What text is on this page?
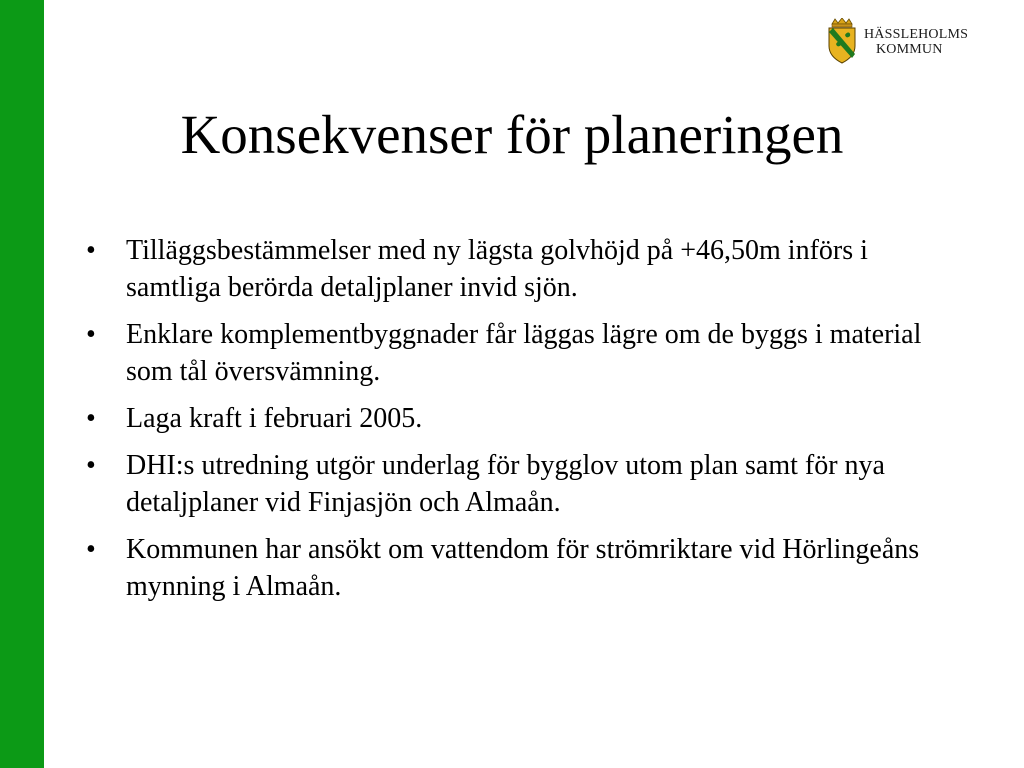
HÄSSLEHOLMS
KOMMUN
Konsekvenser för planeringen
• Tilläggsbestämmelser med ny lägsta golvhöjd på +46,50m införs i samtliga berörda detaljplaner invid sjön.
• Enklare komplementbyggnader får läggas lägre om de byggs i material som tål översvämning.
• Laga kraft i februari 2005.
• DHI:s utredning utgör underlag för bygglov utom plan samt för nya detaljplaner vid Finjasjön och Almaån.
• Kommunen har ansökt om vattendom för strömriktare vid Hörlingeåns mynning i Almaån.
